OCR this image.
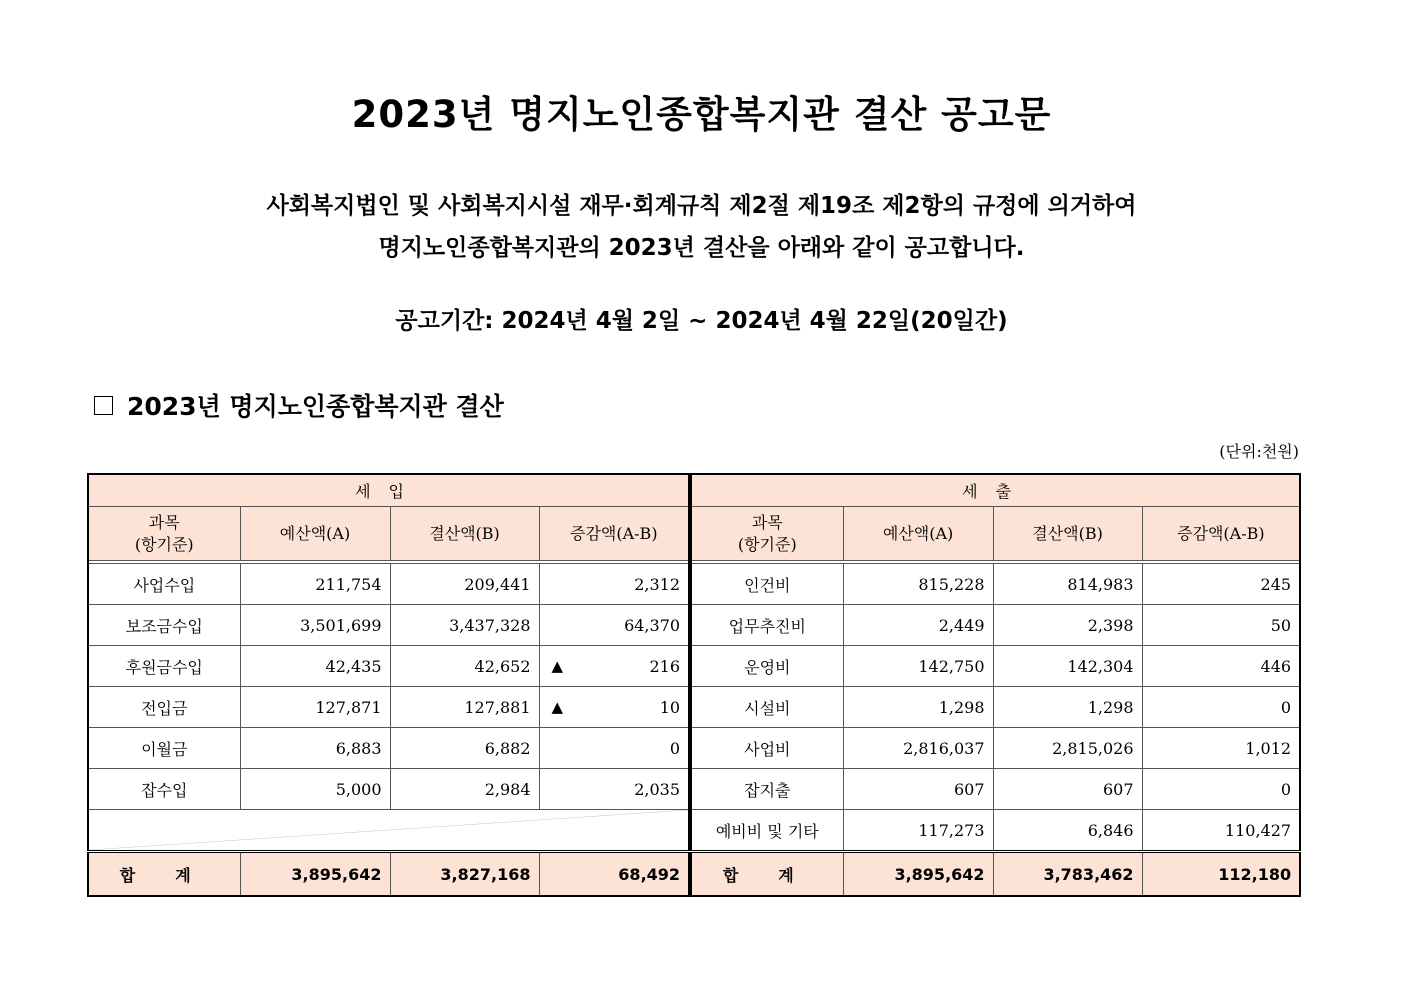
2023년 명지노인종합복지관 결산 공고문
사회복지법인 및 사회복지시설 재무·회계규칙 제2절 제19조 제2항의 규정에 의거하여
명지노인종합복지관의 2023년 결산을 아래와 같이 공고합니다.
공고기간: 2024년 4월 2일 ~ 2024년 4월 22일(20일간)
2023년 명지노인종합복지관 결산
(단위:천원)
세입			

과목
(항기준)	예산액(A)	결산액(B)	증감액(A-B)

사업수입	211,754	209,441	2,312
보조금수입	3,501,699	3,437,328	64,370
후원금수입	42,435	42,652	▲ 216
전입금	127,871	127,881	▲ 10
이월금	6,883	6,882	0
잡수입	5,000	2,984	2,035

합계	3,895,642	3,827,168	68,492
세출			

과목
(항기준)	예산액(A)	결산액(B)	증감액(A-B)

인건비	815,228	814,983	245
업무추진비	2,449	2,398	50
운영비	142,750	142,304	446
시설비	1,298	1,298	0
사업비	2,816,037	2,815,026	1,012
잡지출	607	607	0
예비비 및 기타	117,273	6,846	110,427
합계	3,895,642	3,783,462	112,180
